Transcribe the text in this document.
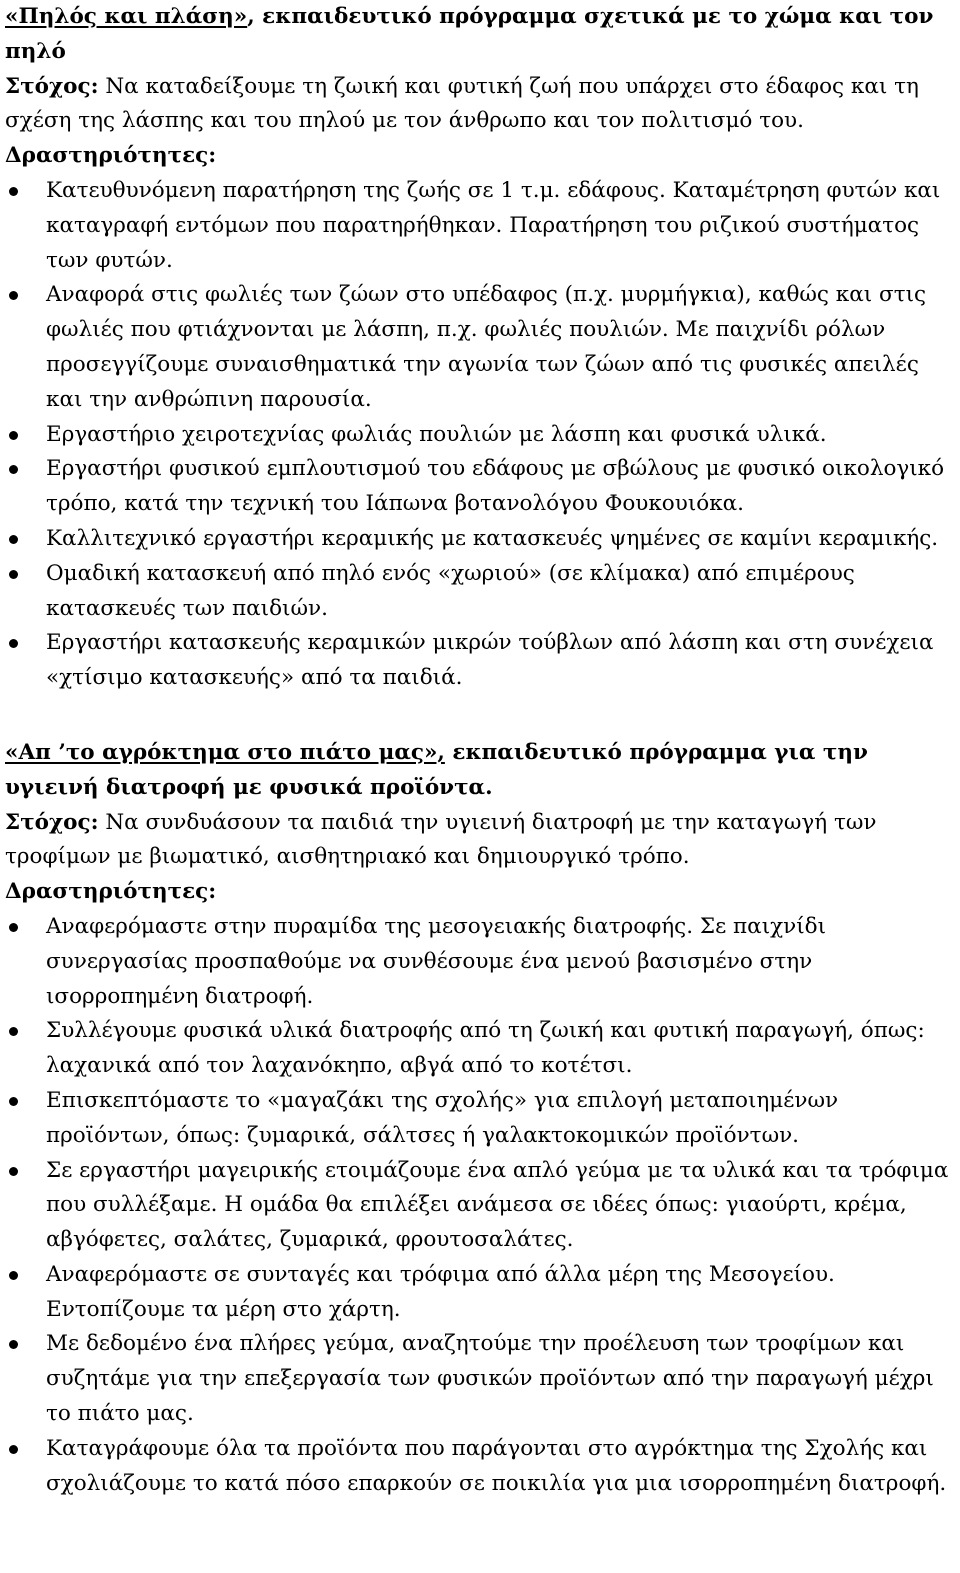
«Πηλός και πλάση», εκπαιδευτικό πρόγραμμα σχετικά με το χώμα και τον πηλό

Στόχος: Να καταδείξουμε τη ζωική και φυτική ζωή που υπάρχει στο έδαφος και τη σχέση της λάσπης και του πηλού με τον άνθρωπο και τον πολιτισμό του.

Δραστηριότητες:

Κατευθυνόμενη παρατήρηση της ζωής σε 1 τ.μ. εδάφους. Καταμέτρηση φυτών και καταγραφή εντόμων που παρατηρήθηκαν. Παρατήρηση του ριζικού συστήματος των φυτών.
Αναφορά στις φωλιές των ζώων στο υπέδαφος (π.χ. μυρμήγκια), καθώς και στις φωλιές που φτιάχνονται με λάσπη, π.χ. φωλιές πουλιών. Με παιχνίδι ρόλων προσεγγίζουμε συναισθηματικά την αγωνία των ζώων από τις φυσικές απειλές και την ανθρώπινη παρουσία.
Εργαστήριο χειροτεχνίας φωλιάς πουλιών με λάσπη και φυσικά υλικά.
Εργαστήρι φυσικού εμπλουτισμού του εδάφους με σβώλους με φυσικό οικολογικό τρόπο, κατά την τεχνική του Ιάπωνα βοτανολόγου Φουκουιόκα.
Καλλιτεχνικό εργαστήρι κεραμικής με κατασκευές ψημένες σε καμίνι κεραμικής.
Ομαδική κατασκευή από πηλό ενός «χωριού» (σε κλίμακα) από επιμέρους κατασκευές των παιδιών.
Εργαστήρι κατασκευής κεραμικών μικρών τούβλων από λάσπη και στη συνέχεια «χτίσιμο κατασκευής» από τα παιδιά.

«Απ ’το αγρόκτημα στο πιάτο μας», εκπαιδευτικό πρόγραμμα για την υγιεινή διατροφή με φυσικά προϊόντα.

Στόχος: Να συνδυάσουν τα παιδιά την υγιεινή διατροφή με την καταγωγή των τροφίμων με βιωματικό, αισθητηριακό και δημιουργικό τρόπο.

Δραστηριότητες:

Αναφερόμαστε στην πυραμίδα της μεσογειακής διατροφής. Σε παιχνίδι συνεργασίας προσπαθούμε να συνθέσουμε ένα μενού βασισμένο στην ισορροπημένη διατροφή.
Συλλέγουμε φυσικά υλικά διατροφής από τη ζωική και φυτική παραγωγή, όπως: λαχανικά από τον λαχανόκηπο, αβγά από το κοτέτσι.
Επισκεπτόμαστε το «μαγαζάκι της σχολής» για επιλογή μεταποιημένων προϊόντων, όπως: ζυμαρικά, σάλτσες ή γαλακτοκομικών προϊόντων.
Σε εργαστήρι μαγειρικής ετοιμάζουμε ένα απλό γεύμα με τα υλικά και τα τρόφιμα που συλλέξαμε. Η ομάδα θα επιλέξει ανάμεσα σε ιδέες όπως: γιαούρτι, κρέμα, αβγόφετες, σαλάτες, ζυμαρικά, φρουτοσαλάτες.
Αναφερόμαστε σε συνταγές και τρόφιμα από άλλα μέρη της Μεσογείου. Εντοπίζουμε τα μέρη στο χάρτη.
Με δεδομένο ένα πλήρες γεύμα, αναζητούμε την προέλευση των τροφίμων και συζητάμε για την επεξεργασία των φυσικών προϊόντων από την παραγωγή μέχρι το πιάτο μας.
Καταγράφουμε όλα τα προϊόντα που παράγονται στο αγρόκτημα της Σχολής και σχολιάζουμε το κατά πόσο επαρκούν σε ποικιλία για μια ισορροπημένη διατροφή.
